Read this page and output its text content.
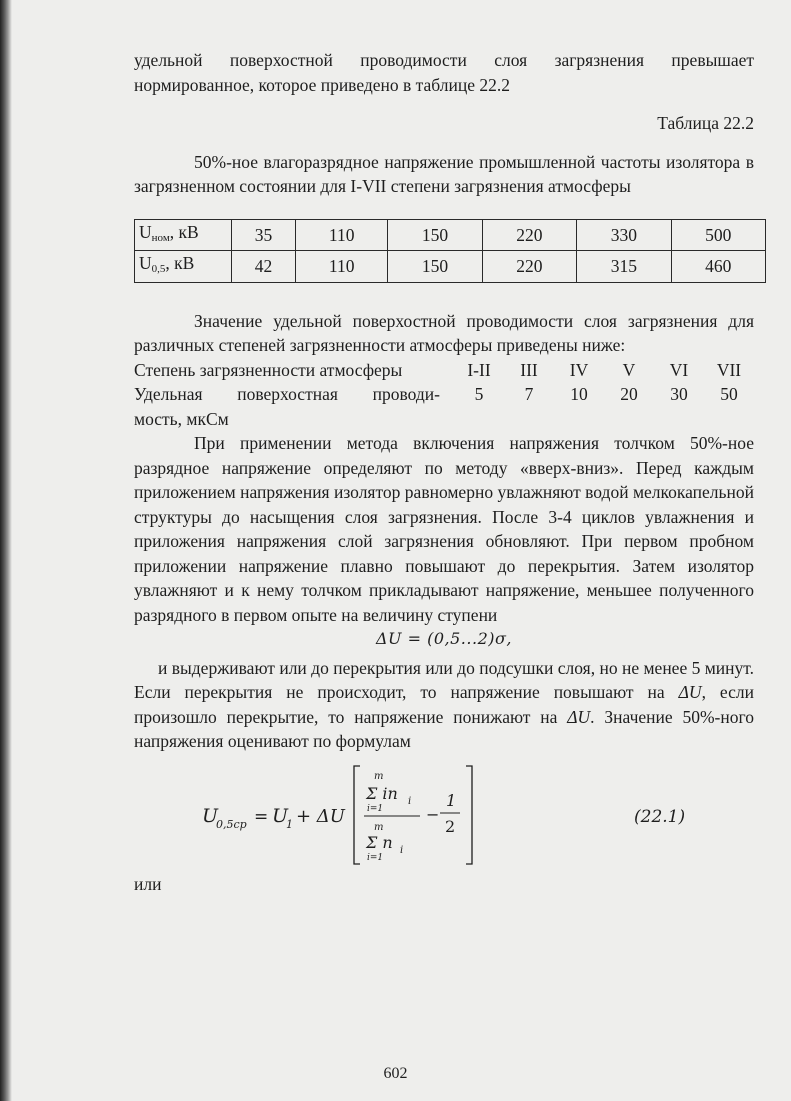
удельной поверхостной проводимости слоя загрязнения превышает нормированное, которое приведено в таблице 22.2

Таблица 22.2

50%-ное влагоразрядное напряжение промышленной частоты изолятора в загрязненном состоянии для I-VII степени загрязнения атмосферы

$U_{ном}$, кВ	35	110	150	220	330	500
$U_{0,5}$, кВ	42	110	150	220	315	460

Значение удельной поверхостной проводимости слоя загрязнения для различных степеней загрязненности атмосферы приведены ниже:

Степень загрязненности атмосферы	I-II	III	IV	V	VI	VII
Удельная поверхостная проводи-	5	7	10	20	30	50

мость, мкСм

При применении метода включения напряжения толчком 50%-ное разрядное напряжение определяют по методу «вверх-вниз». Перед каждым приложением напряжения изолятор равномерно увлажняют водой мелкокапельной структуры до насыщения слоя загрязнения. После 3-4 циклов увлажнения и приложения напряжения слой загрязнения обновляют. При первом пробном приложении напряжение плавно повышают до перекрытия. Затем изолятор увлажняют и к нему толчком прикладывают напряжение, меньшее полученного разрядного в первом опыте на величину ступени

ΔU = (0,5...2)σ,

и выдерживают или до перекрытия или до подсушки слоя, но не менее 5 минут. Если перекрытия не происходит, то напряжение повышают на ΔU, если произошло перекрытие, то напряжение понижают на ΔU. Значение 50%-ного напряжения оценивают по формулам

U
0,5ср = U
1 + ΔU
m
Σ in i
i=1
m
Σ n i
i=1
−
1
2	(22.1)

или

602
